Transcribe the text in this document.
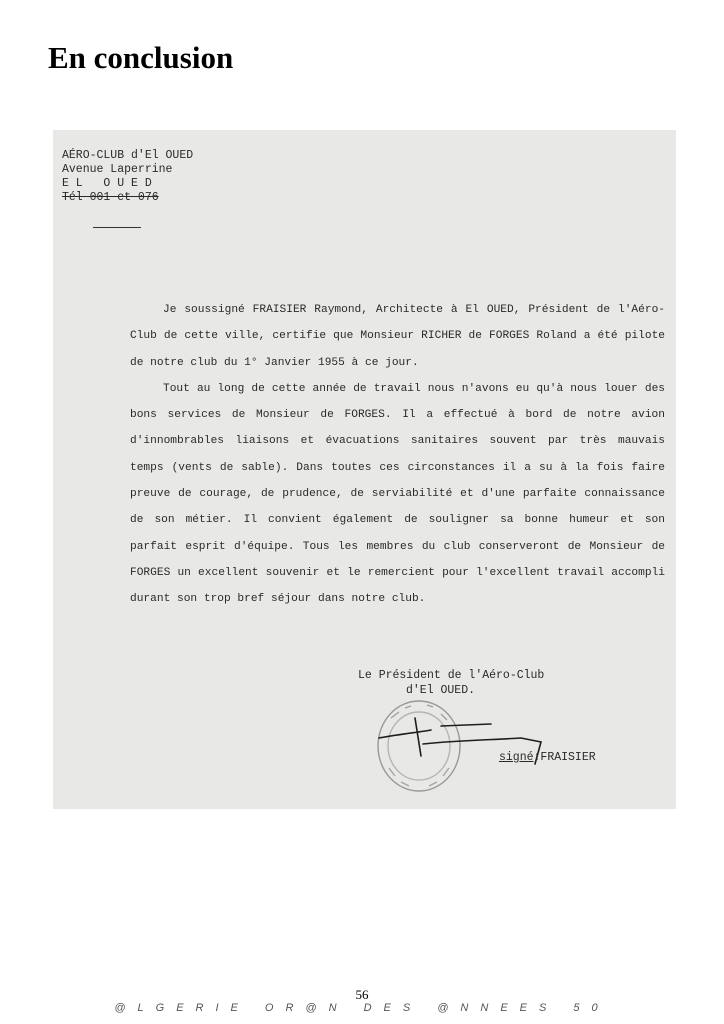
En conclusion
AÉRO-CLUB d'El OUED
Avenue Laperrine
E L   O U E D
Tél 001 et 076

Je soussigné FRAISIER Raymond, Architecte à El OUED, Président de l'Aéro-Club de cette ville, certifie que Monsieur RICHER de FORGES Roland a été pilote de notre club du 1° Janvier 1955 à ce jour.

Tout au long de cette année de travail nous n'avons eu qu'à nous louer des bons services de Monsieur de FORGES. Il a effectué à bord de notre avion d'innombrables liaisons et évacuations sanitaires souvent par très mauvais temps (vents de sable). Dans toutes ces circonstances il a su à la fois faire preuve de courage, de prudence, de serviabilité et d'une parfaite connaissance de son métier. Il convient également de souligner sa bonne humeur et son parfait esprit d'équipe. Tous les membres du club conserveront de Monsieur de FORGES un excellent souvenir et le remercient pour l'excellent travail accompli durant son trop bref séjour dans notre club.

Le Président de l'Aéro-Club
d'El OUED.
signé:FRAISIER
56
@LGERIE OR@N DES @NNEES 50
